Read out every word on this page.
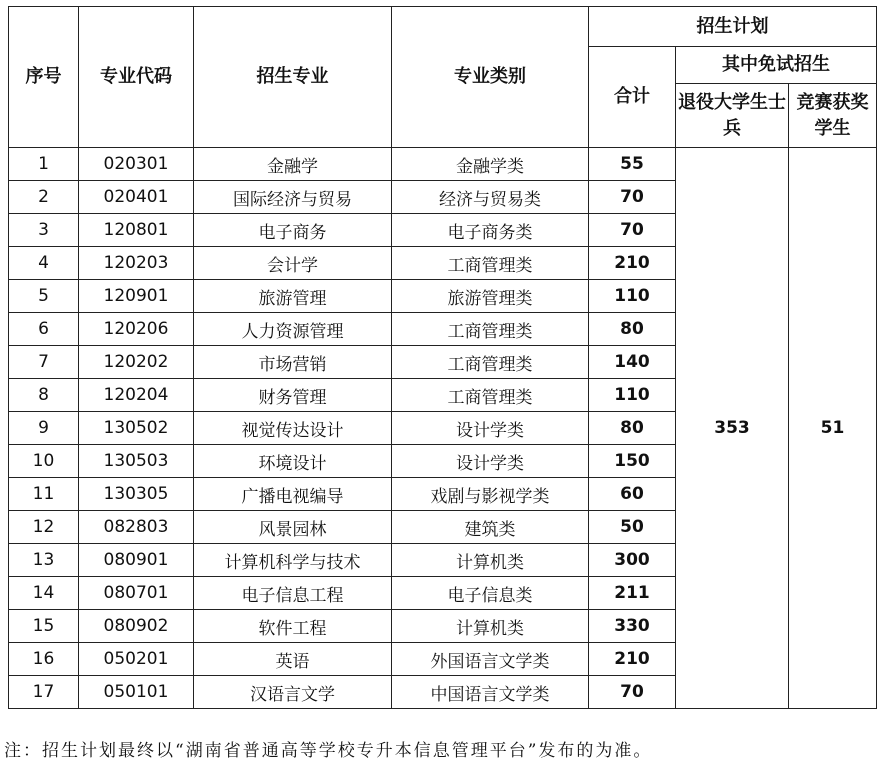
序号	专业代码	招生专业	专业类别	招生计划		
				合计	其中免试招生	
					退役大学生士兵	竞赛获奖学生
1	020301	金融学	金融学类	55	353	51
2	020401	国际经济与贸易	经济与贸易类	70		
3	120801	电子商务	电子商务类	70		
4	120203	会计学	工商管理类	210		
5	120901	旅游管理	旅游管理类	110		
6	120206	人力资源管理	工商管理类	80		
7	120202	市场营销	工商管理类	140		
8	120204	财务管理	工商管理类	110		
9	130502	视觉传达设计	设计学类	80		
10	130503	环境设计	设计学类	150		
11	130305	广播电视编导	戏剧与影视学类	60		
12	082803	风景园林	建筑类	50		
13	080901	计算机科学与技术	计算机类	300		
14	080701	电子信息工程	电子信息类	211		
15	080902	软件工程	计算机类	330		
16	050201	英语	外国语言文学类	210		
17	050101	汉语言文学	中国语言文学类	70		
注：招生计划最终以“湖南省普通高等学校专升本信息管理平台”发布的为准。
